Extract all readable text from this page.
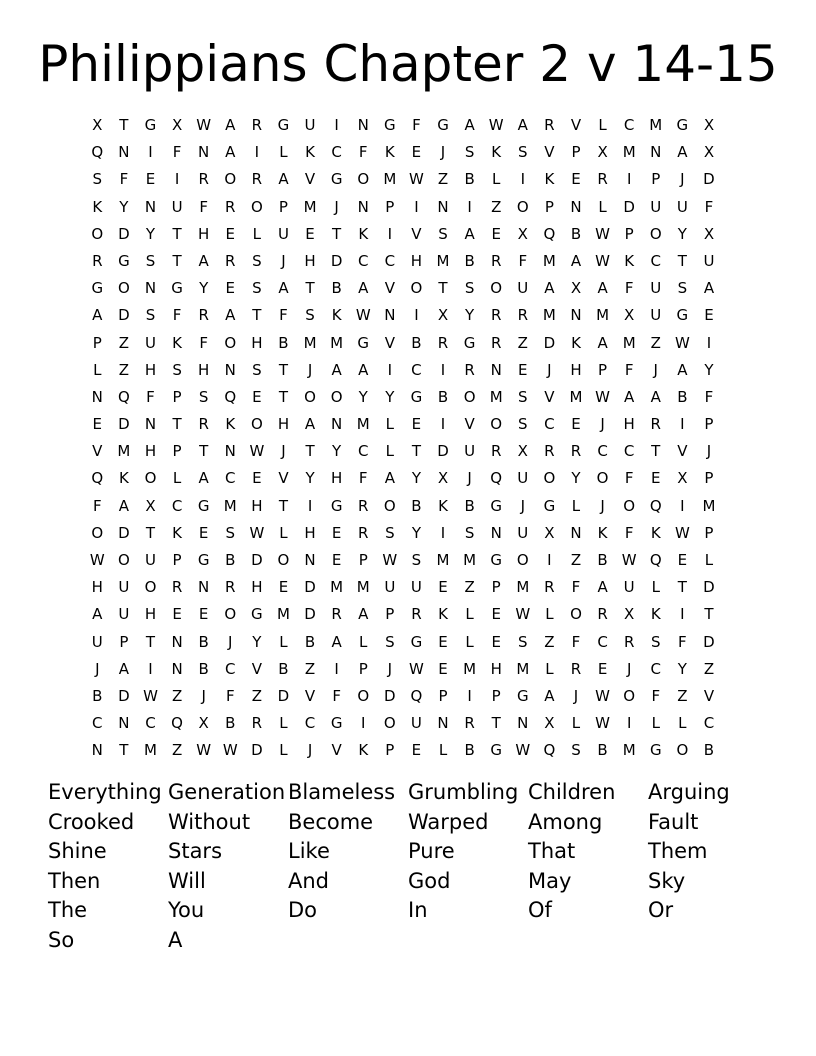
Philippians Chapter 2 v 14-15
X	T	G	X W A	R	G	U	I	N	G	F	G	A W A	R	V	L	C M G	X
Q	N	I	F	N	A	I	L	K	C	F	K	E	J	S	K	S	V	P	X M N	A	X
S	F	E	I	R	O	R	A	V	G O M W Z	B	L	I	K	E	R	I	P	J	D
K	Y	N	U	F	R	O	P	M	J	N	P	I	N	I	Z	O	P	N	L	D	U	U	F
O D	Y	T	H	E	L	U	E	T	K	I	V	S	A	E	X	Q	B W P	O	Y	X
R	G	S	T	A	R	S	J	H	D	C	C	H M B	R	F	M A W K	C	T	U
G O	N	G	Y	E	S	A	T	B	A	V	O	T	S	O	U	A	X	A	F	U	S	A
A	D	S	F	R	A	T	F	S	K W N	I	X	Y	R	R M N M X	U	G	E
P	Z	U	K	F	O	H	B M M G	V	B	R	G	R	Z	D	K	A M Z W	I
L	Z	H	S	H	N	S	T	J	A	A	I	C	I	R	N	E	J	H	P	F	J	A	Y
N	Q	F	P	S	Q	E	T	O O	Y	Y	G	B	O M	S	V M W A	A	B	F
E	D	N	T	R	K	O	H	A	N M	L	E	I	V	O	S	C	E	J	H	R	I	P
V M H	P	T	N W	J	T	Y	C	L	T	D	U	R	X	R	R	C	C	T	V	J
Q	K	O	L	A	C	E	V	Y	H	F	A	Y	X	J	Q	U	O	Y	O	F	E	X	P
F	A	X	C	G M H	T	I	G	R	O	B	K	B	G	J	G	L	J	O Q	I	M
O D	T	K	E	S W L	H	E	R	S	Y	I	S	N	U	X	N	K	F	K W P
W O	U	P	G	B	D O	N	E	P W S	M M G O	I	Z	B W Q	E	L
H	U	O	R	N	R	H	E	D M M U	U	E	Z	P	M R	F	A	U	L	T	D
A	U	H	E	E	O G M D	R	A	P	R	K	L	E W L	O	R	X	K	I	T
U	P	T	N	B	J	Y	L	B	A	L	S	G	E	L	E	S	Z	F	C	R	S	F	D
J	A	I	N	B	C	V	B	Z	I	P	J	W E	M H M	L	R	E	J	C	Y	Z
B	D W Z	J	F	Z	D	V	F	O D Q	P	I	P	G	A	J	W O	F	Z	V
C	N	C	Q	X	B	R	L	C	G	I	O	U	N	R	T	N	X	L	W	I	L	L	C
N	T	M Z W W D	L	J	V	K	P	E	L	B	G W Q	S	B M G O	B
Everything Generation Blameless Grumbling Children	Arguing
Crooked	Without	Become	Warped	Among	Fault
Shine	Stars	Like	Pure	That	Them
Then	Will	And	God	May	Sky
The	You	Do	In	Of	Or
So	A
